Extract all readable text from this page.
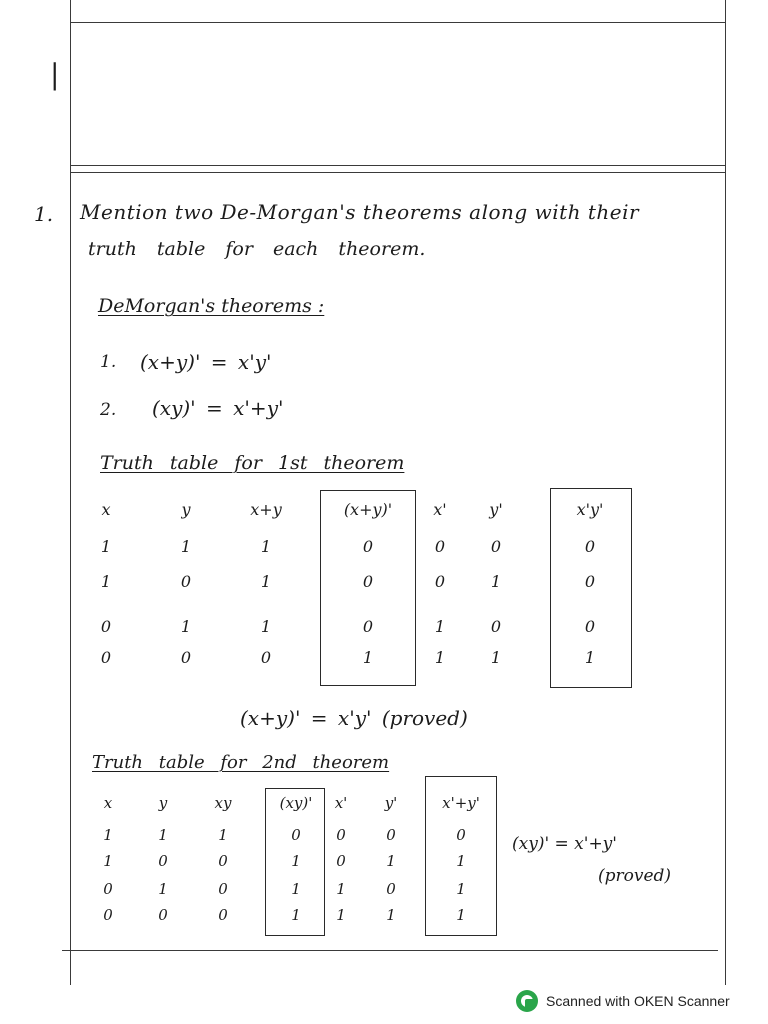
|
1. Mention two De-Morgan's theorems along with their
truth table for each theorem.
DeMorgan's theorems :
1. (x+y)' = x'y'
2. (xy)' = x'+y'
Truth table for 1st theorem
x	y	x+y	(x+y)'	x'	y'	x'y'
1	1	1	0	0	0	0
1	0	1	0	0	1	0
0	1	1	0	1	0	0
0	0	0	1	1	1	1
(x+y)' = x'y' (proved)
Truth table for 2nd theorem
x	y	xy	(xy)'	x'	y'	x'+y'
1	1	1	0	0	0	0
1	0	0	1	0	1	1
0	1	0	1	1	0	1
0	0	0	1	1	1	1
(xy)' = x'+y'
(proved)
Scanned with OKEN Scanner
